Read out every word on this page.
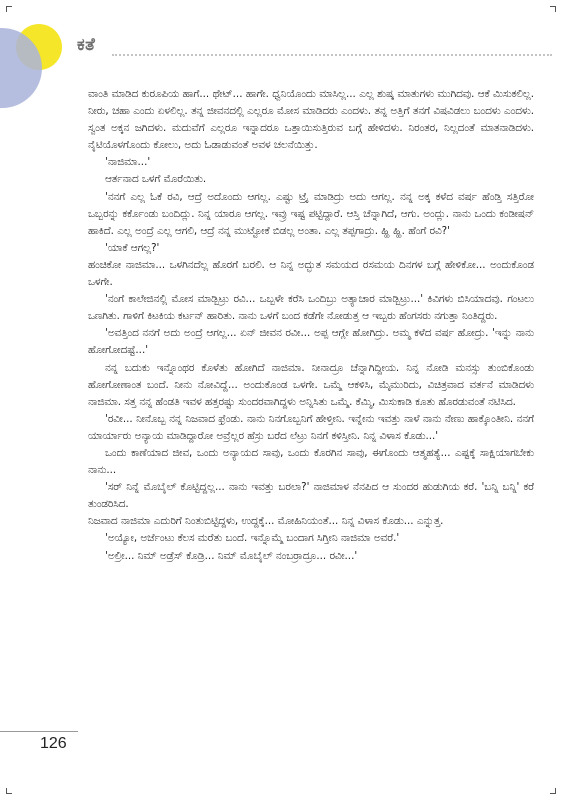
ಕತೆ

ವಾಂತಿ ಮಾಡಿದ ಕುರೂಪಿಯ ಹಾಗೆ... ಥೇಟ್... ಹಾಗೇ. ಧ್ವನಿಯೊಂದು ಮಾಸಿಲ್ಲ... ಎಲ್ಲ ಶುಷ್ಕ ಮಾತುಗಳು ಮುಗಿದವು. ಆಕೆ ಮಿಸುಕಲಿಲ್ಲ. ನೀರು, ಚಹಾ ಎಂದು ಏಳಲಿಲ್ಲ. ತನ್ನ ಜೀವನದಲ್ಲಿ ಎಲ್ಲರೂ ಮೋಸ ಮಾಡಿದರು ಎಂದಳು. ತನ್ನ ಅತ್ತಿಗೆ ತನಗೆ ವಿಷವಿಡಲು ಬಂದಳು ಎಂದಳು. ಸ್ವಂತ ಅಕ್ಕನ ಜಗಿದಳು. ಮದುವೆಗೆ ಎಲ್ಲರೂ ಇನ್ನಾದರೂ ಒತ್ತಾಯಿಸುತ್ತಿರುವ ಬಗ್ಗೆ ಹೇಳಿದಳು. ನಿರಂತರ, ನಿಲ್ಲದಂತೆ ಮಾತನಾಡಿದಳು. ನೈಟಿಯೊಳಗೊಂದು ಕೋಲು, ಅದು ಓಡಾಡುವಂತೆ ಅವಳ ಚಲನೆಯಿತ್ತು.

'ನಾಜಿಮಾ...'

ಆರ್ತನಾದ ಒಳಗೆ ಮೊರೆಯಿತು.

'ನನಗೆ ಎಲ್ಲ ಓಕೆ ರವಿ, ಆದ್ರೆ ಅದೊಂದು ಆಗಲ್ಲ. ಎಷ್ಟು ಟ್ರೈ ಮಾಡಿದ್ರು ಅದು ಆಗಲ್ಲ. ನನ್ನ ಅಕ್ಕ ಕಳೆದ ವರ್ಷ ಹೆಂಡ್ತಿ ಸತ್ತಿರೋ ಒಬ್ಬರನ್ನು ಕರ್ಕೊಂಡು ಬಂದಿದ್ಲು. ನಿನ್ನ ಯಾರೂ ಆಗಲ್ಲ. ಇವ್ರು ಇಷ್ಟ ಪಟ್ಟಿದ್ದಾರೆ. ಆಸ್ತಿ ಚೆನ್ನಾಗಿದೆ, ಆಗು. ಅಂದ್ಲು. ನಾನು ಒಂದು ಕಂಡೀಷನ್ ಹಾಕಿದೆ. ಎಲ್ಲ ಅಂದ್ರೆ ಎಲ್ಲ ಆಗಲಿ, ಆದ್ರೆ ನನ್ನ ಮುಟ್ಟೋಕೆ ಬಿಡಲ್ಲ ಅಂತಾ. ಎಲ್ಲ ತಪ್ಪಗಾದ್ರು. ಹ್ಹಿ ಹ್ಹಿ. ಹೆಂಗೆ ರವಿ?'

'ಯಾಕೆ ಆಗಲ್ಲ?'

ಹಂಚಿಕೋ ನಾಜಿಮಾ... ಒಳಗಿನದೆಲ್ಲ ಹೊರಗೆ ಬರಲಿ. ಆ ನಿನ್ನ ಅದ್ಭುತ ಸಮಯದ ರಸಮಯ ದಿನಗಳ ಬಗ್ಗೆ ಹೇಳಿಕೋ... ಅಂದುಕೊಂಡ ಒಳಗೇ.

'ನಂಗೆ ಕಾಲೇಜಿನಲ್ಲಿ ಮೋಸ ಮಾಡ್ಬಿಟ್ರು ರವಿ... ಒಬ್ಬಳೇ ಕರೆಸಿ ಒಂದಿಬ್ರು ಅತ್ಯಾಚಾರ ಮಾಡ್ಬಿಟ್ರು...' ಕಿವಿಗಳು ಬಿಸಿಯಾದವು. ಗಂಟಲು ಒಣಗಿತು. ಗಾಳಿಗೆ ಕಿಟಕಿಯ ಕರ್ಟನ್ ಹಾರಿತು. ನಾನು ಒಳಗೆ ಬಂದ ಕಡೆಗೇ ನೋಡುತ್ತ ಆ ಇಬ್ಬರು ಹೆಂಗಸರು ನಗುತ್ತಾ ನಿಂತಿದ್ದರು.

'ಅವತ್ತಿಂದ ನನಗೆ ಅದು ಅಂದ್ರೆ ಆಗಲ್ಲ... ಏನ್ ಜೀವನ ರವೀ... ಅಪ್ಪ ಆಗ್ಲೇ ಹೋಗಿದ್ರು. ಅಮ್ಮ ಕಳೆದ ವರ್ಷ ಹೋದ್ರು. 'ಇನ್ನು ನಾನು ಹೋಗೋದಷ್ಟೆ...'

ನನ್ನ ಬದುಕು ಇನ್ನೊಂಥರ ಕೊಳೆತು ಹೋಗಿದೆ ನಾಜಿಮಾ. ನೀನಾದ್ರೂ ಚೆನ್ನಾಗಿದ್ದೀಯ. ನಿನ್ನ ನೋಡಿ ಮನಸ್ಸು ತುಂಬಿಕೊಂಡು ಹೋಗೋಣಾಂತ ಬಂದೆ. ನೀನು ನೋವಿದ್ದೆ... ಅಂದುಕೊಂಡ ಒಳಗೇ. ಒಮ್ಮೆ ಆಕಳಿಸಿ, ಮೈಮುರಿದು, ವಿಚಿತ್ರವಾದ ವರ್ತನೆ ಮಾಡಿದಳು ನಾಜಿಮಾ. ಸತ್ತ ನನ್ನ ಹೆಂಡತಿ ಇವಳ ಹತ್ತರಷ್ಟು ಸುಂದರವಾಗಿದ್ದಳು ಅನ್ನಿಸಿತು ಒಮ್ಮೆ. ಕೆಮ್ಮಿ, ಮಿಸುಕಾಡಿ ಕೂತು ಹೊರಡುವಂತೆ ನಟಿಸಿದ.

'ರವೀ... ನೀನೊಬ್ಬ ನನ್ನ ನಿಜವಾದ ಫ್ರೆಂಡು. ನಾನು ನಿನಗೊಬ್ಬನಿಗೆ ಹೇಳ್ತೀನಿ. ಇನ್ನೇನು ಇವತ್ತು ನಾಳೆ ನಾನು ನೇಣು ಹಾಕ್ಕೊಂತೀನಿ. ನನಗೆ ಯಾರ್ಯಾರು ಅನ್ಯಾಯ ಮಾಡಿದ್ದಾರೋ ಅವ್ರೆಲ್ಲರ ಹೆಸ್ರು ಬರೆದ ಲೆಟ್ರು ನಿನಗೆ ಕಳಿಸ್ತೀನಿ. ನಿನ್ನ ವಿಳಾಸ ಕೊಡು...'

ಒಂದು ಕಾಣೆಯಾದ ಜೀವ, ಒಂದು ಅನ್ಯಾಯದ ಸಾವು, ಒಂದು ಕೊರಗಿನ ಸಾವು, ಈಗೊಂದು ಆತ್ಮಹತ್ಯೆ... ಎಷ್ಟಕ್ಕೆ ಸಾಕ್ಷಿಯಾಗಬೇಕು ನಾನು...

'ಸರ್ ನಿನ್ನೆ ಮೊಬೈಲ್ ಕೊಟ್ಟಿದ್ದಲ್ಲ... ನಾನು ಇವತ್ತು ಬರಲಾ?' ನಾಜಿಮಾಳ ನೆನಪಿದ ಆ ಸುಂದರ ಹುಡುಗಿಯ ಕರೆ. 'ಬನ್ನಿ ಬನ್ನಿ' ಕರೆ ತುಂಡರಿಸಿದ.

ನಿಜವಾದ ನಾಜಿಮಾ ಎದುರಿಗೆ ನಿಂತುಬಿಟ್ಟಿದ್ದಳು, ಉದ್ದಕ್ಕೆ... ಮೋಹಿನಿಯಂತೆ... ನಿನ್ನ ವಿಳಾಸ ಕೊಡು... ಎನ್ನುತ್ತ.

'ಅಯ್ಯೋ, ಅರ್ಜೆಂಟು ಕೆಲಸ ಮರೆತು ಬಂದೆ. ಇನ್ನೊಮ್ಮೆ ಬಂದಾಗ ಸಿಗ್ತೀನಿ ನಾಜಿಮಾ ಅವರೆ.'

'ಅಲ್ರೀ... ನಿಮ್ ಅಡ್ರೆಸ್ ಕೊಡ್ರಿ... ನಿಮ್ ಮೊಬೈಲ್ ನಂಬರ್ರಾದ್ರೂ... ರವೀ...'

126
